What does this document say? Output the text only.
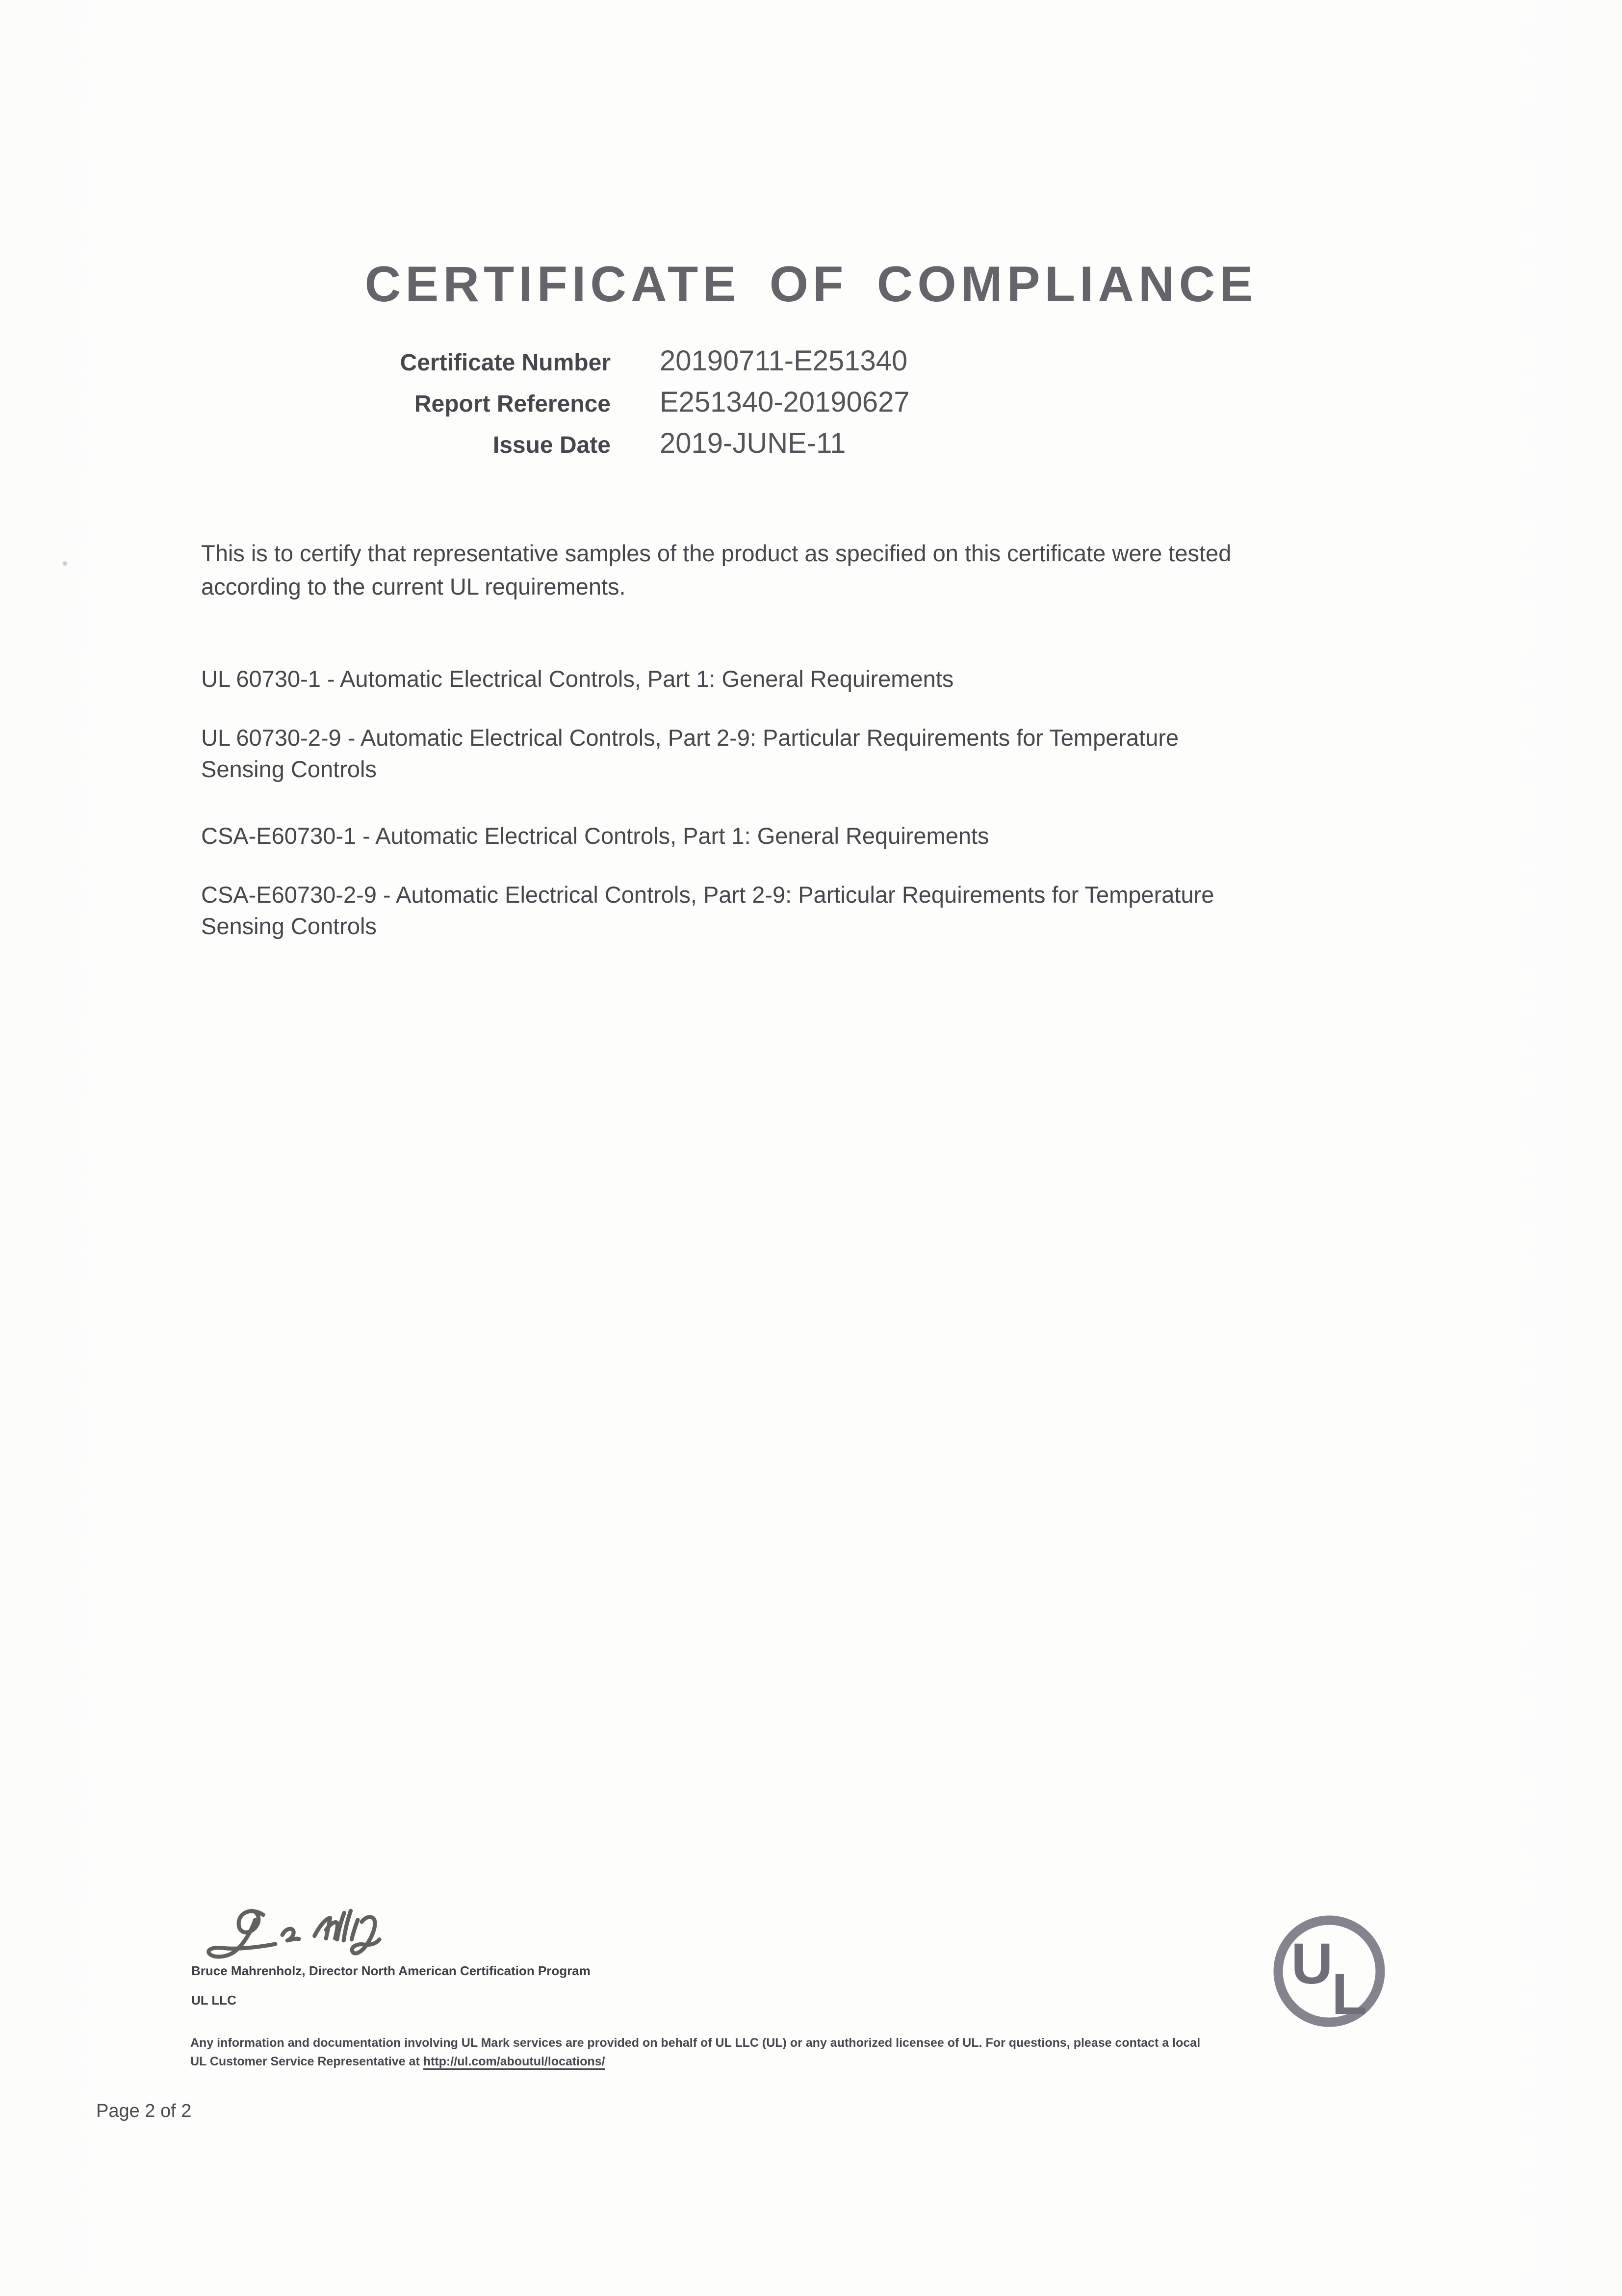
CERTIFICATE OF COMPLIANCE
Certificate Number 20190711-E251340
Report Reference E251340-20190627
Issue Date 2019-JUNE-11
This is to certify that representative samples of the product as specified on this certificate were tested
according to the current UL requirements.
UL 60730-1 - Automatic Electrical Controls, Part 1: General Requirements
UL 60730-2-9 - Automatic Electrical Controls, Part 2-9: Particular Requirements for Temperature
Sensing Controls
CSA-E60730-1 - Automatic Electrical Controls, Part 1: General Requirements
CSA-E60730-2-9 - Automatic Electrical Controls, Part 2-9: Particular Requirements for Temperature
Sensing Controls
Bruce Mahrenholz, Director North American Certification Program
UL LLC

Any information and documentation involving UL Mark services are provided on behalf of UL LLC (UL) or any authorized licensee of UL. For questions, please contact a local UL Customer Service Representative at http://ul.com/aboutul/locations/

Page 2 of 2
U
L
